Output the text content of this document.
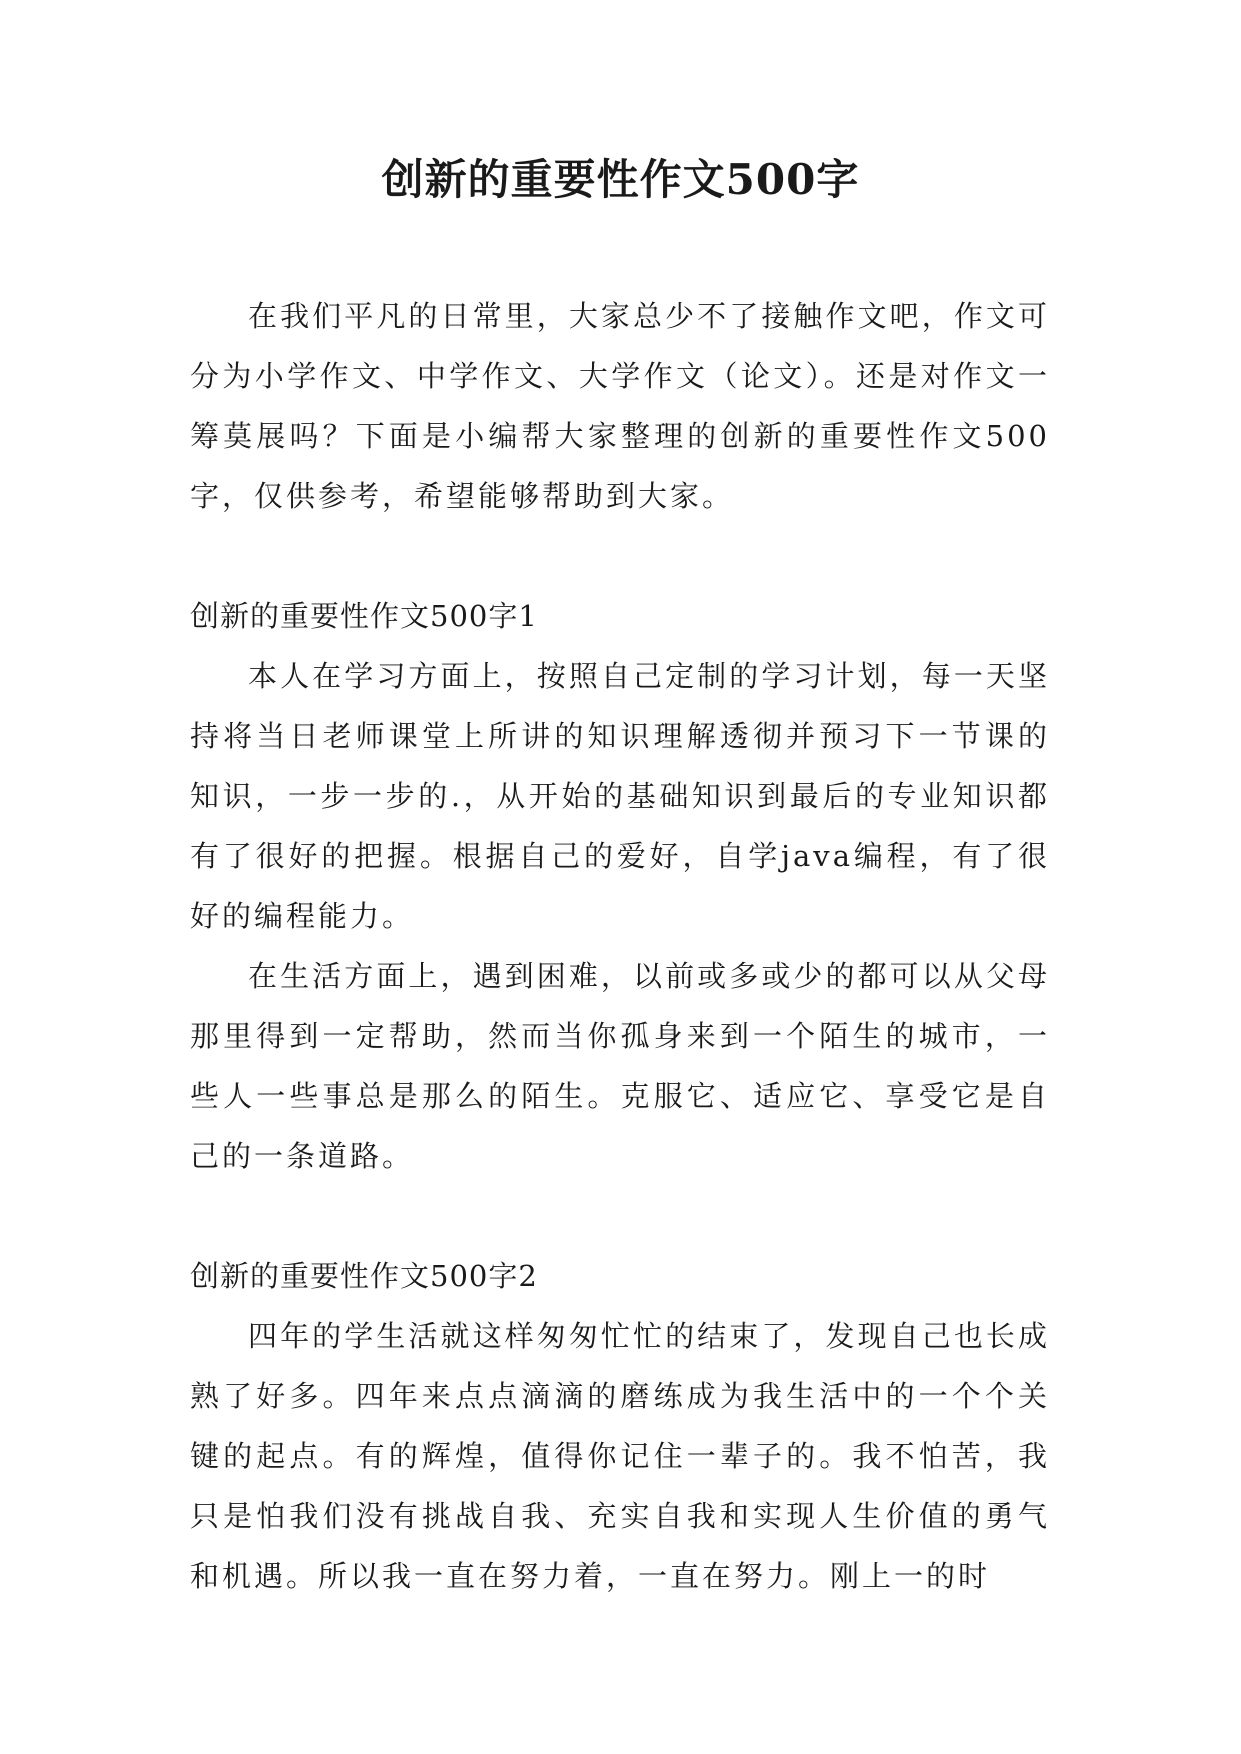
创新的重要性作文500字

在我们平凡的日常里，大家总少不了接触作文吧，作文可分为小学作文、中学作文、大学作文（论文）。还是对作文一筹莫展吗？下面是小编帮大家整理的创新的重要性作文500字，仅供参考，希望能够帮助到大家。

创新的重要性作文500字1

本人在学习方面上，按照自己定制的学习计划，每一天坚持将当日老师课堂上所讲的知识理解透彻并预习下一节课的知识，一步一步的.，从开始的基础知识到最后的专业知识都有了很好的把握。根据自己的爱好，自学java编程，有了很好的编程能力。

在生活方面上，遇到困难，以前或多或少的都可以从父母那里得到一定帮助，然而当你孤身来到一个陌生的城市，一些人一些事总是那么的陌生。克服它、适应它、享受它是自己的一条道路。

创新的重要性作文500字2

四年的学生活就这样匆匆忙忙的结束了，发现自己也长成熟了好多。四年来点点滴滴的磨练成为我生活中的一个个关键的起点。有的辉煌，值得你记住一辈子的。我不怕苦，我只是怕我们没有挑战自我、充实自我和实现人生价值的勇气和机遇。所以我一直在努力着，一直在努力。刚上一的时
